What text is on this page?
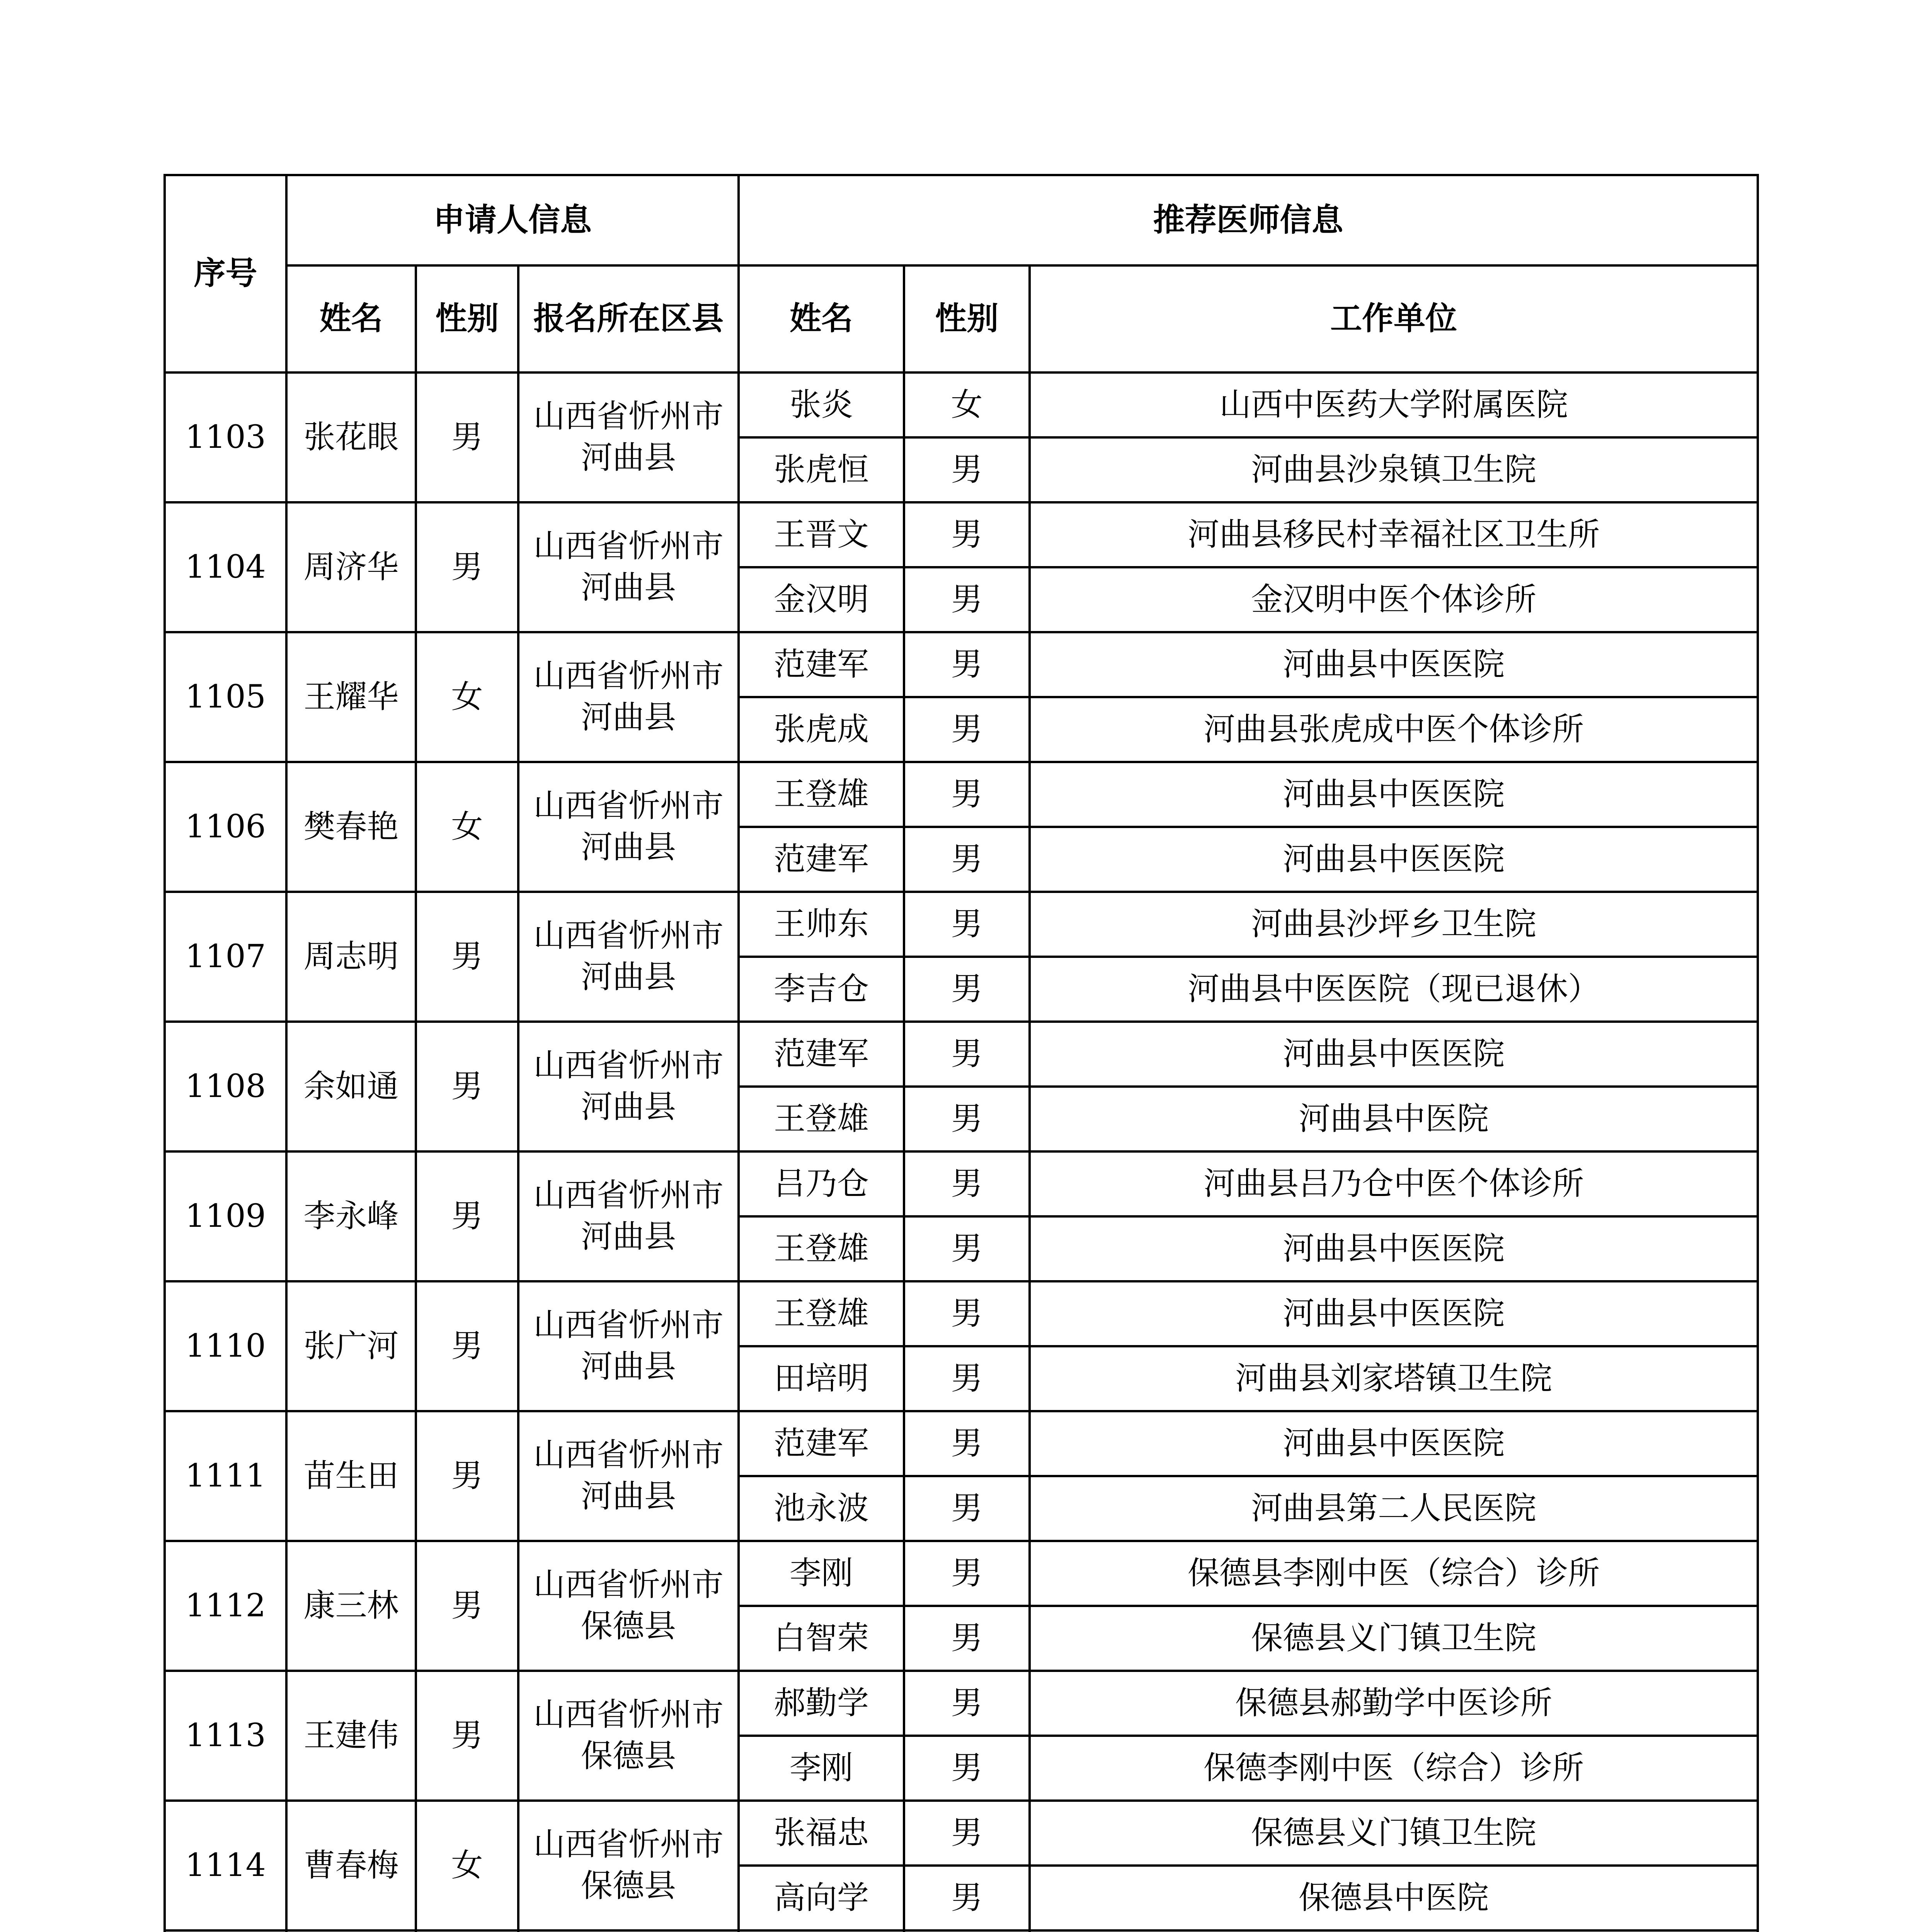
序号	申请人信息			推荐医师信息		
	姓名	性别	报名所在区县	姓名	性别	工作单位
1103	张花眼	男	山西省忻州市河曲县	张炎	女	山西中医药大学附属医院
				张虎恒	男	河曲县沙泉镇卫生院
1104	周济华	男	山西省忻州市河曲县	王晋文	男	河曲县移民村幸福社区卫生所
				金汉明	男	金汉明中医个体诊所
1105	王耀华	女	山西省忻州市河曲县	范建军	男	河曲县中医医院
				张虎成	男	河曲县张虎成中医个体诊所
1106	樊春艳	女	山西省忻州市河曲县	王登雄	男	河曲县中医医院
				范建军	男	河曲县中医医院
1107	周志明	男	山西省忻州市河曲县	王帅东	男	河曲县沙坪乡卫生院
				李吉仓	男	河曲县中医医院（现已退休）
1108	余如通	男	山西省忻州市河曲县	范建军	男	河曲县中医医院
				王登雄	男	河曲县中医院
1109	李永峰	男	山西省忻州市河曲县	吕乃仓	男	河曲县吕乃仓中医个体诊所
				王登雄	男	河曲县中医医院
1110	张广河	男	山西省忻州市河曲县	王登雄	男	河曲县中医医院
				田培明	男	河曲县刘家塔镇卫生院
1111	苗生田	男	山西省忻州市河曲县	范建军	男	河曲县中医医院
				池永波	男	河曲县第二人民医院
1112	康三林	男	山西省忻州市保德县	李刚	男	保德县李刚中医（综合）诊所
				白智荣	男	保德县义门镇卫生院
1113	王建伟	男	山西省忻州市保德县	郝勤学	男	保德县郝勤学中医诊所
				李刚	男	保德李刚中医（综合）诊所
1114	曹春梅	女	山西省忻州市保德县	张福忠	男	保德县义门镇卫生院
				高向学	男	保德县中医院
